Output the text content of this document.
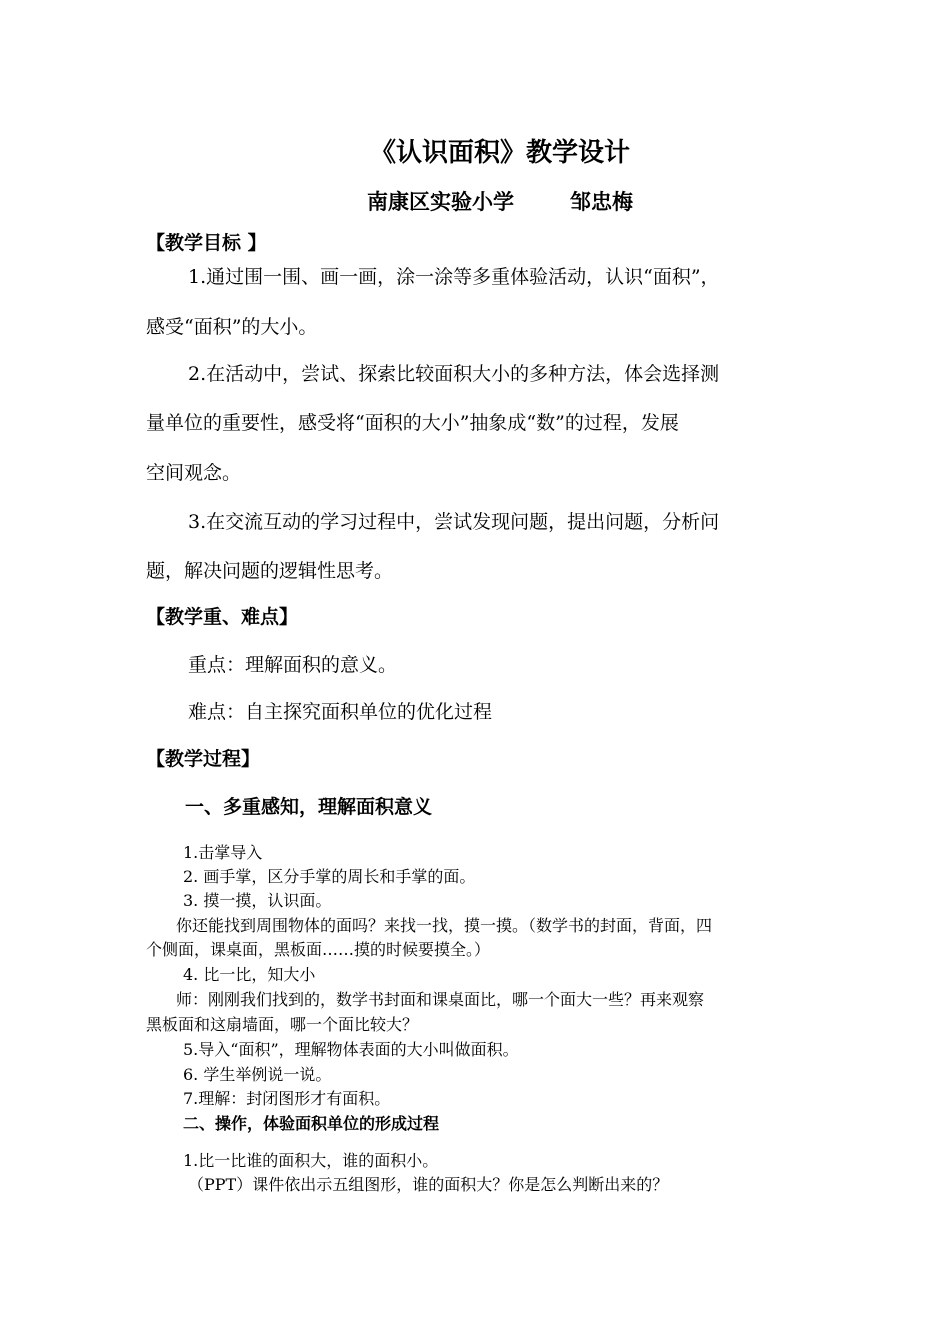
《认识面积》教学设计
南康区实验小学	邹忠梅
【教学目标 】
1.通过围一围、画一画，涂一涂等多重体验活动，认识“面积”，
感受“面积”的大小。
2.在活动中，尝试、探索比较面积大小的多种方法，体会选择测
量单位的重要性，感受将“面积的大小”抽象成“数”的过程，发展
空间观念。
3.在交流互动的学习过程中，尝试发现问题，提出问题，分析问
题，解决问题的逻辑性思考。
【教学重、难点】
重点：理解面积的意义。
难点：自主探究面积单位的优化过程
【教学过程】
一、多重感知，理解面积意义
1.击掌导入
2. 画手掌，区分手掌的周长和手掌的面。
3. 摸一摸，认识面。
你还能找到周围物体的面吗？来找一找，摸一摸。（数学书的封面，背面，四
个侧面，课桌面，黑板面……摸的时候要摸全。）
4. 比一比，知大小
师：刚刚我们找到的，数学书封面和课桌面比，哪一个面大一些？再来观察
黑板面和这扇墙面，哪一个面比较大？
5.导入“面积”，理解物体表面的大小叫做面积。
6. 学生举例说一说。
7.理解：封闭图形才有面积。
二、操作，体验面积单位的形成过程
1.比一比谁的面积大，谁的面积小。
（PPT）课件依出示五组图形，谁的面积大？你是怎么判断出来的？
